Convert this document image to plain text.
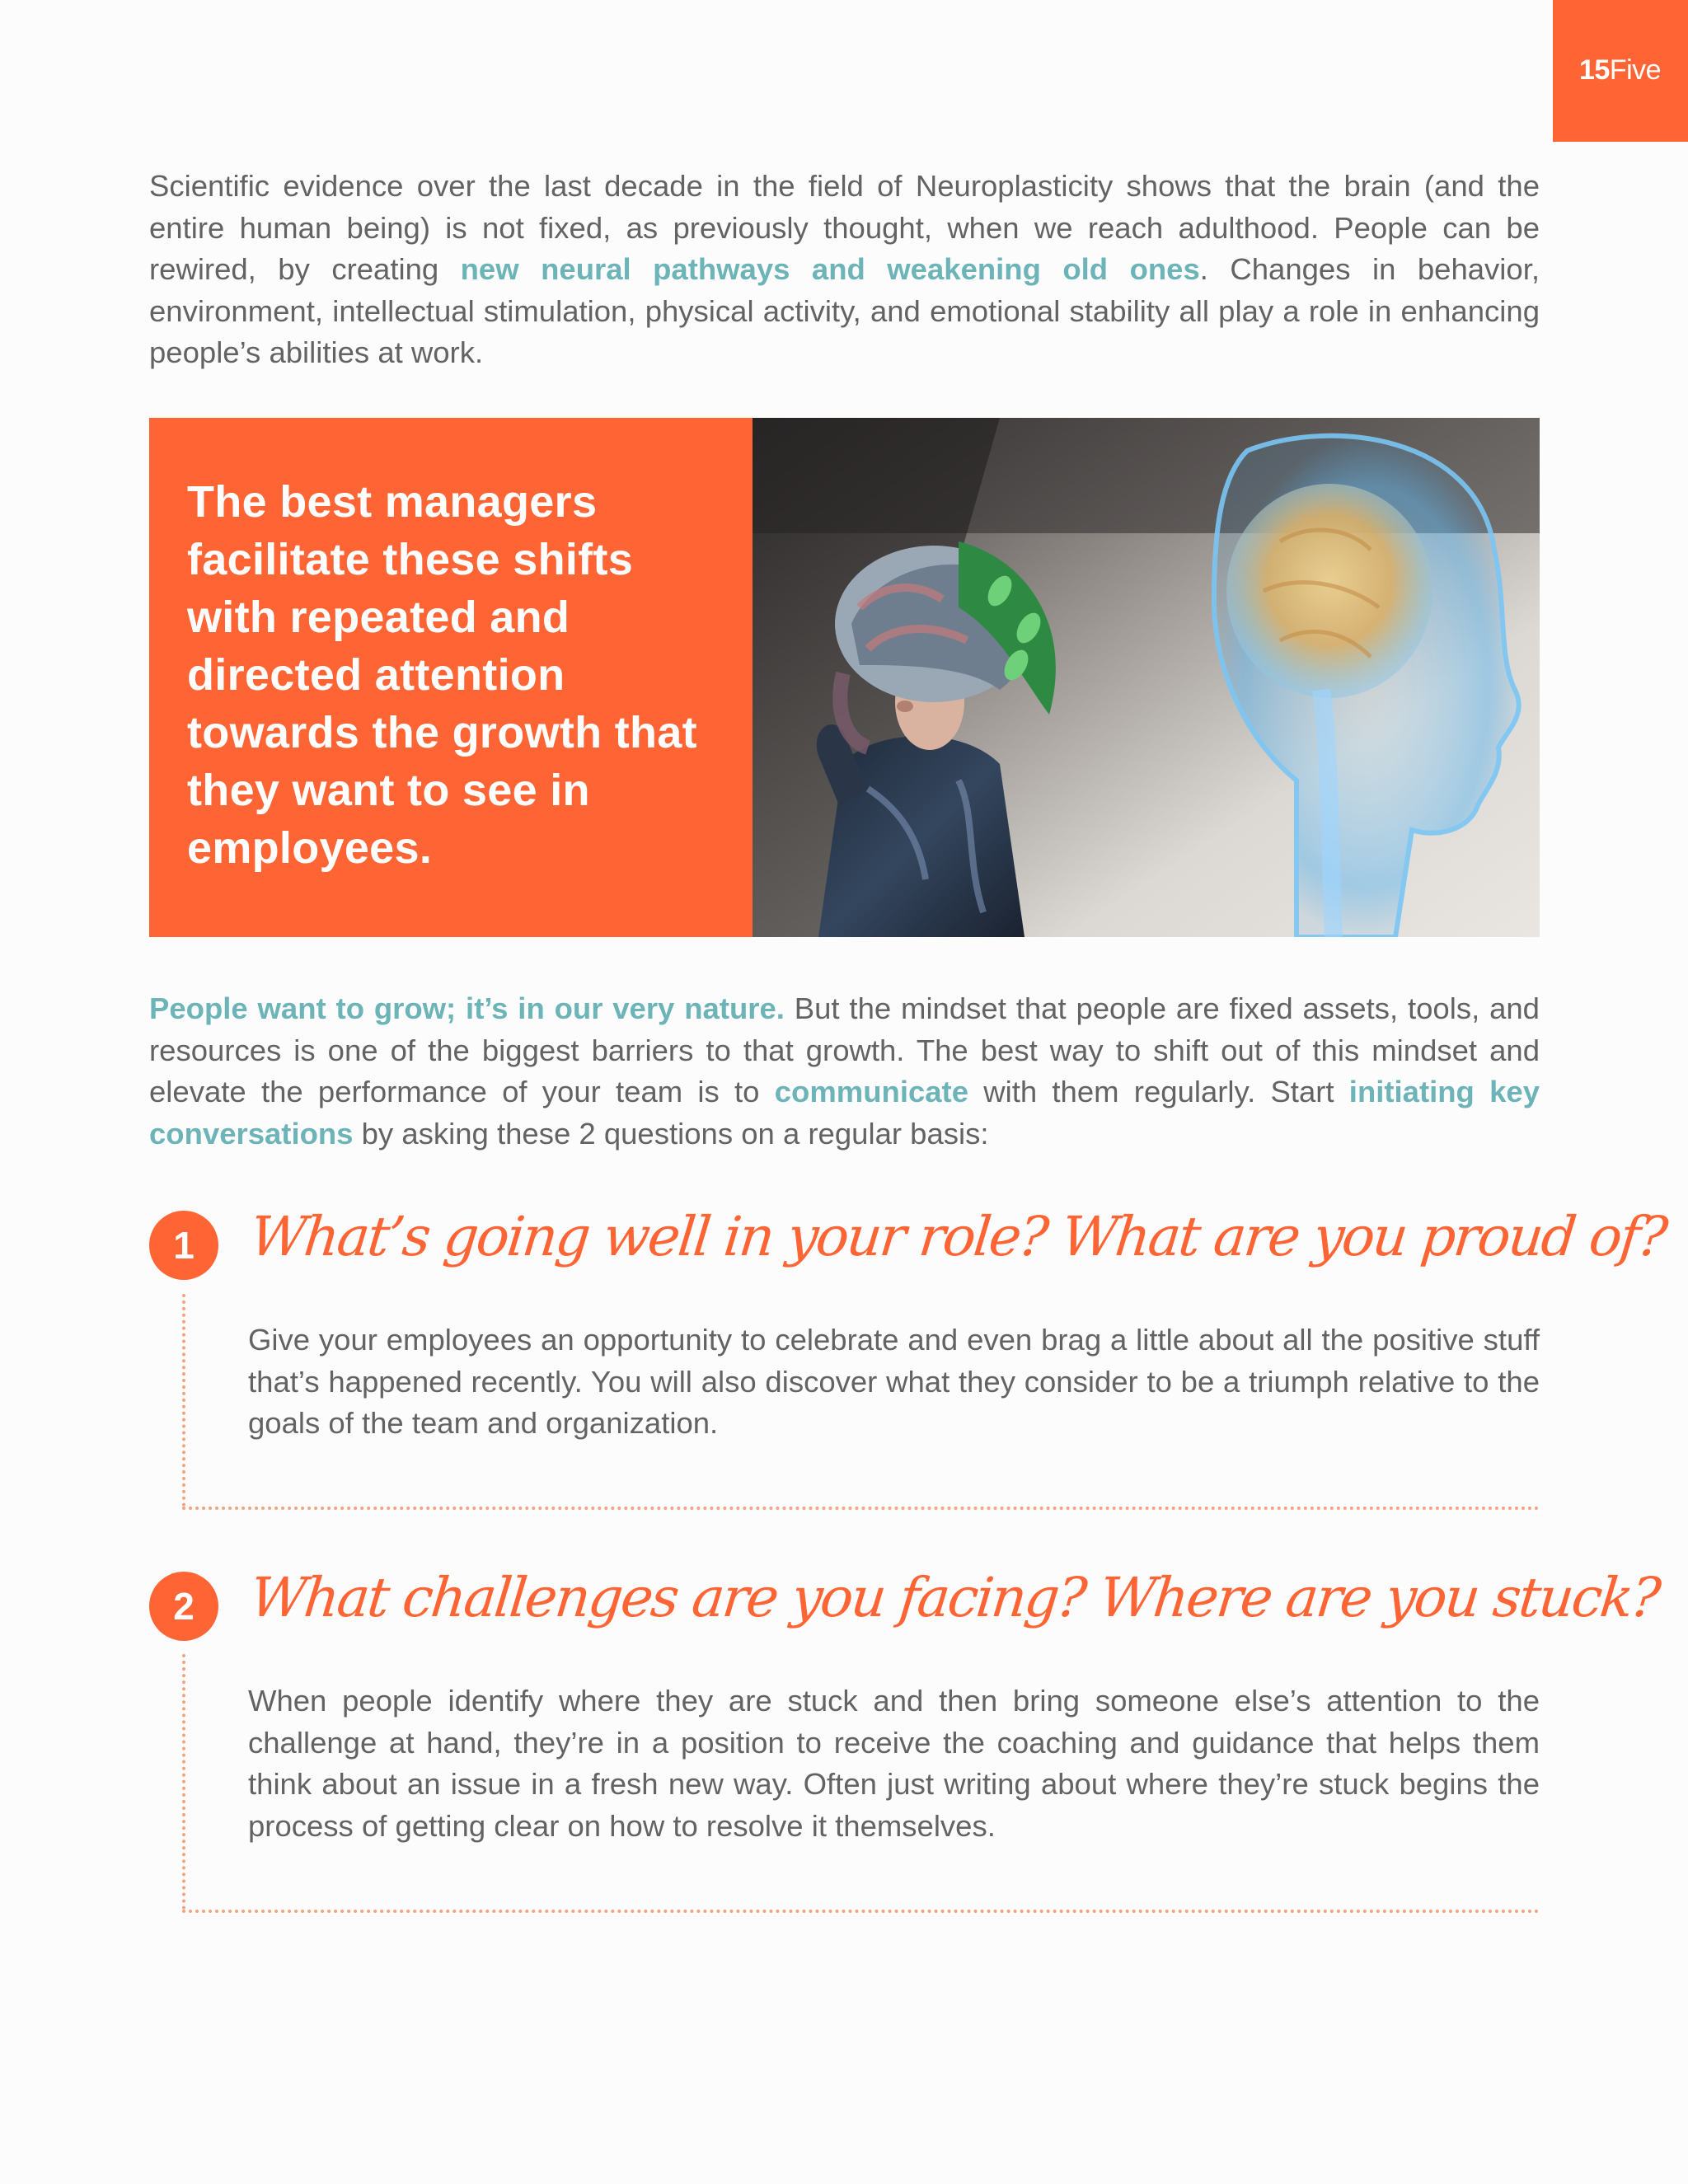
15Five

Scientific evidence over the last decade in the field of Neuroplasticity shows that the brain (and the entire human being) is not fixed, as previously thought, when we reach adulthood. People can be rewired, by creating new neural pathways and weakening old ones. Changes in behavior, environment, intellectual stimulation, physical activity, and emotional stability all play a role in enhancing people’s abilities at work.

The best managers facilitate these shifts with repeated and directed attention towards the growth that they want to see in employees.

People want to grow; it’s in our very nature. But the mindset that people are fixed assets, tools, and resources is one of the biggest barriers to that growth. The best way to shift out of this mindset and elevate the performance of your team is to communicate with them regularly. Start initiating key conversations by asking these 2 questions on a regular basis:

1 What’s going well in your role? What are you proud of?

Give your employees an opportunity to celebrate and even brag a little about all the positive stuff that’s happened recently. You will also discover what they consider to be a triumph relative to the goals of the team and organization.

2 What challenges are you facing? Where are you stuck?

When people identify where they are stuck and then bring someone else’s attention to the challenge at hand, they’re in a position to receive the coaching and guidance that helps them think about an issue in a fresh new way. Often just writing about where they’re stuck begins the process of getting clear on how to resolve it themselves.
